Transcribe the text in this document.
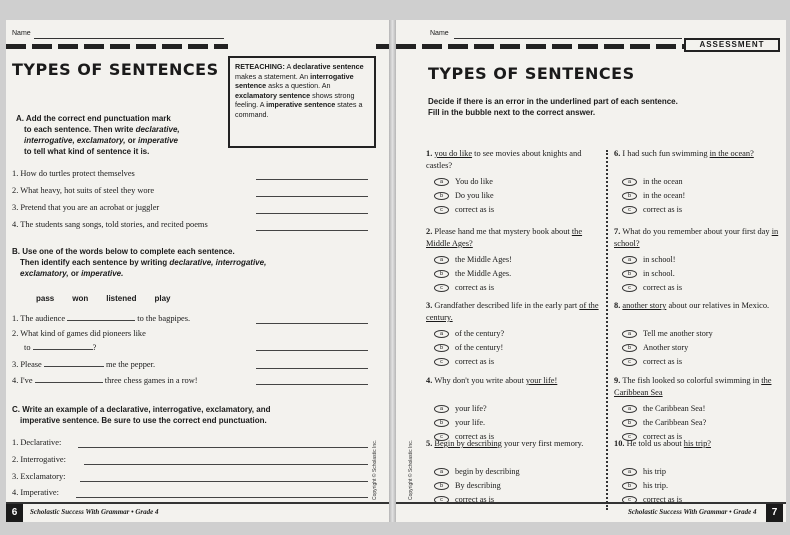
Name
TYPES OF SENTENCES	RETEACHING: A declarative sentence makes a statement. An interrogative sentence asks a question. An exclamatory sentence shows strong feeling. A imperative sentence states a command.
A. Add the correct end punctuation mark
to each sentence. Then write declarative,
interrogative, exclamatory, or imperative
to tell what kind of sentence it is.
1. How do turtles protect themselves
2. What heavy, hot suits of steel they wore
3. Pretend that you are an acrobat or juggler
4. The students sang songs, told stories, and recited poems
B. Use one of the words below to complete each sentence.
Then identify each sentence by writing declarative, interrogative,
exclamatory, or imperative.
pass won listened play
1. The audience	to the bagpipes.
2. What kind of games did pioneers like
to	?
3. Please	me the pepper.
4. I've	three chess games in a row!
C. Write an example of a declarative, interrogative, exclamatory, and
imperative sentence. Be sure to use the correct end punctuation.
1. Declarative:
2. Interrogative:
3. Exclamatory:
4. Imperative:	Copyright © Scholastic Inc.
6	Scholastic Success With Grammar • Grade 4
Name
ASSESSMENT
TYPES OF SENTENCES
Decide if there is an error in the underlined part of each sentence.
Fill in the bubble next to the correct answer.
1. you do like to see movies about knights and castles?
a	You do like
b	Do you like
c	correct as is
2. Please hand me that mystery book about the Middle Ages?
a	the Middle Ages!
b	the Middle Ages.
c	correct as is
3. Grandfather described life in the early part of the century.
a	of the century?
b	of the century!
c	correct as is
4. Why don't you write about your life!
a	your life?
b	your life.
c	correct as is
5. Begin by describing your very first memory.
a	begin by describing
b	By describing
c	correct as is
6. I had such fun swimming in the ocean?
a	in the ocean
b	in the ocean!
c	correct as is
7. What do you remember about your first day in school?
a	in school!
b	in school.
c	correct as is
8. another story about our relatives in Mexico.
a	Tell me another story
b	Another story
c	correct as is
9. The fish looked so colorful swimming in the Caribbean Sea
a	the Caribbean Sea!
b	the Caribbean Sea?
c	correct as is
10. He told us about his trip?
a	his trip
b	his trip.
c	correct as is
Copyright © Scholastic Inc.
Scholastic Success With Grammar • Grade 4	7
